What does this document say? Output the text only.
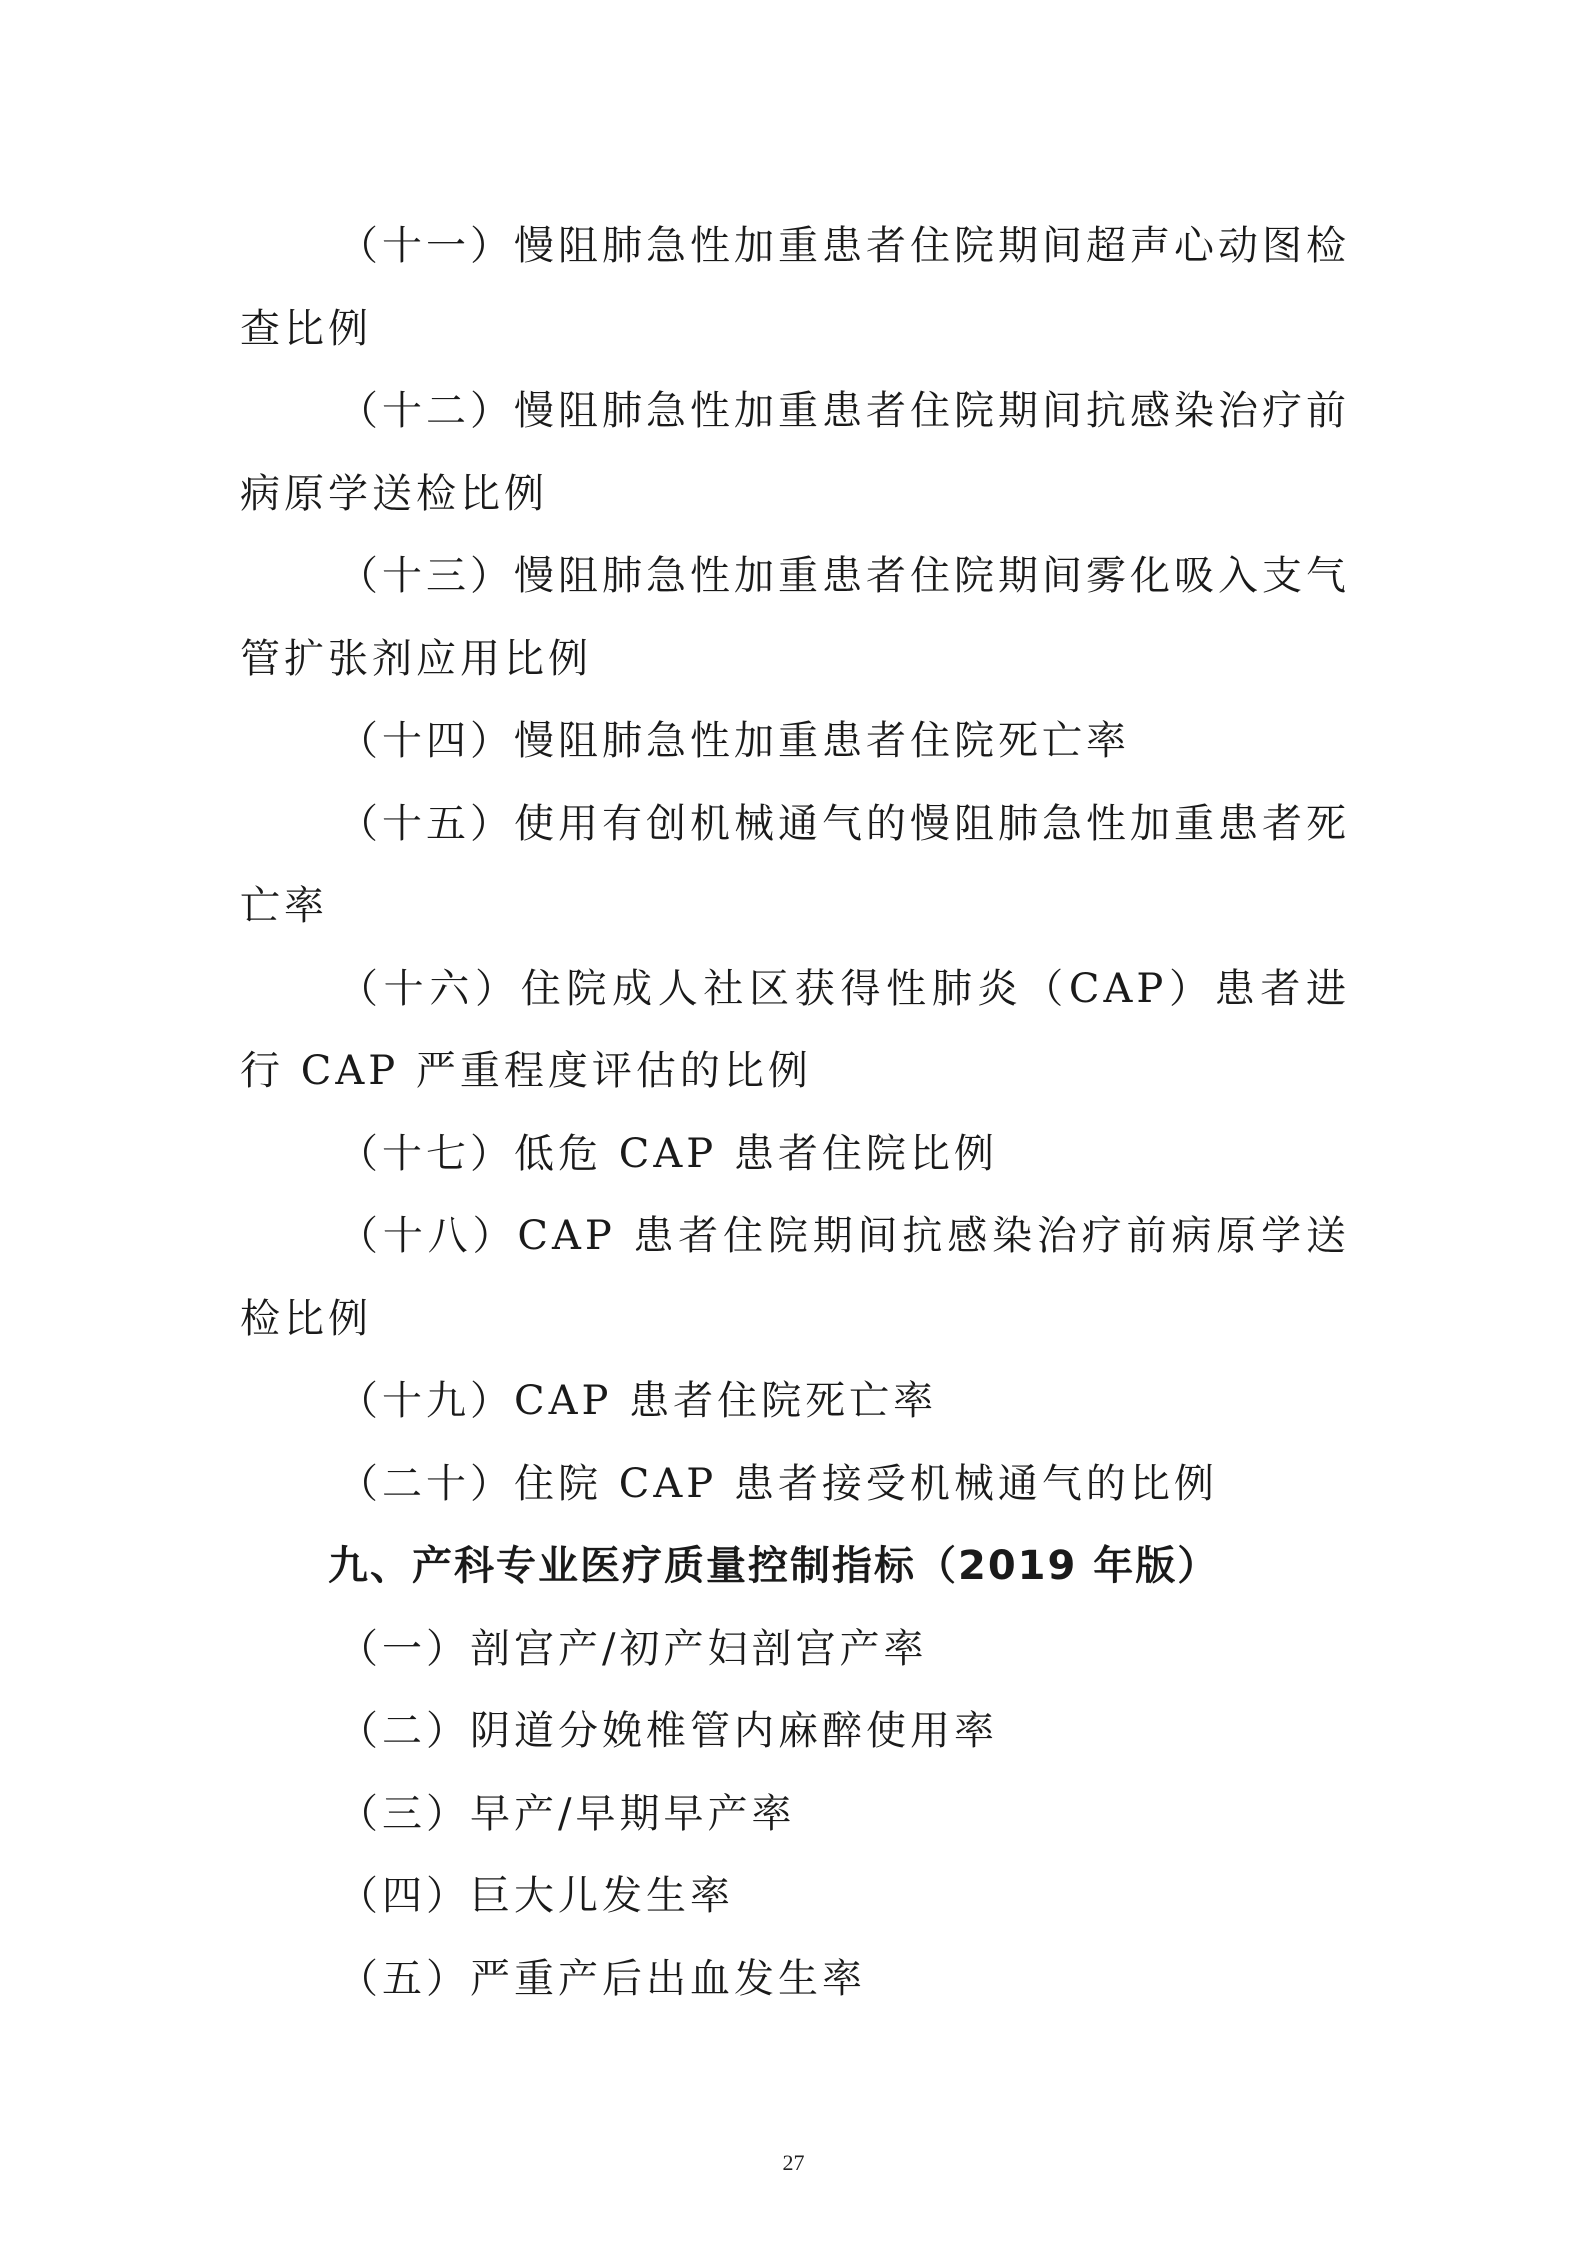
（十一）慢阻肺急性加重患者住院期间超声心动图检查比例

（十二）慢阻肺急性加重患者住院期间抗感染治疗前病原学送检比例

（十三）慢阻肺急性加重患者住院期间雾化吸入支气管扩张剂应用比例

（十四）慢阻肺急性加重患者住院死亡率

（十五）使用有创机械通气的慢阻肺急性加重患者死亡率

（十六）住院成人社区获得性肺炎（CAP）患者进行 CAP 严重程度评估的比例

（十七）低危 CAP 患者住院比例

（十八）CAP 患者住院期间抗感染治疗前病原学送检比例

（十九）CAP 患者住院死亡率

（二十）住院 CAP 患者接受机械通气的比例

九、产科专业医疗质量控制指标（2019 年版）

（一）剖宫产/初产妇剖宫产率

（二）阴道分娩椎管内麻醉使用率

（三）早产/早期早产率

（四）巨大儿发生率

（五）严重产后出血发生率

27
